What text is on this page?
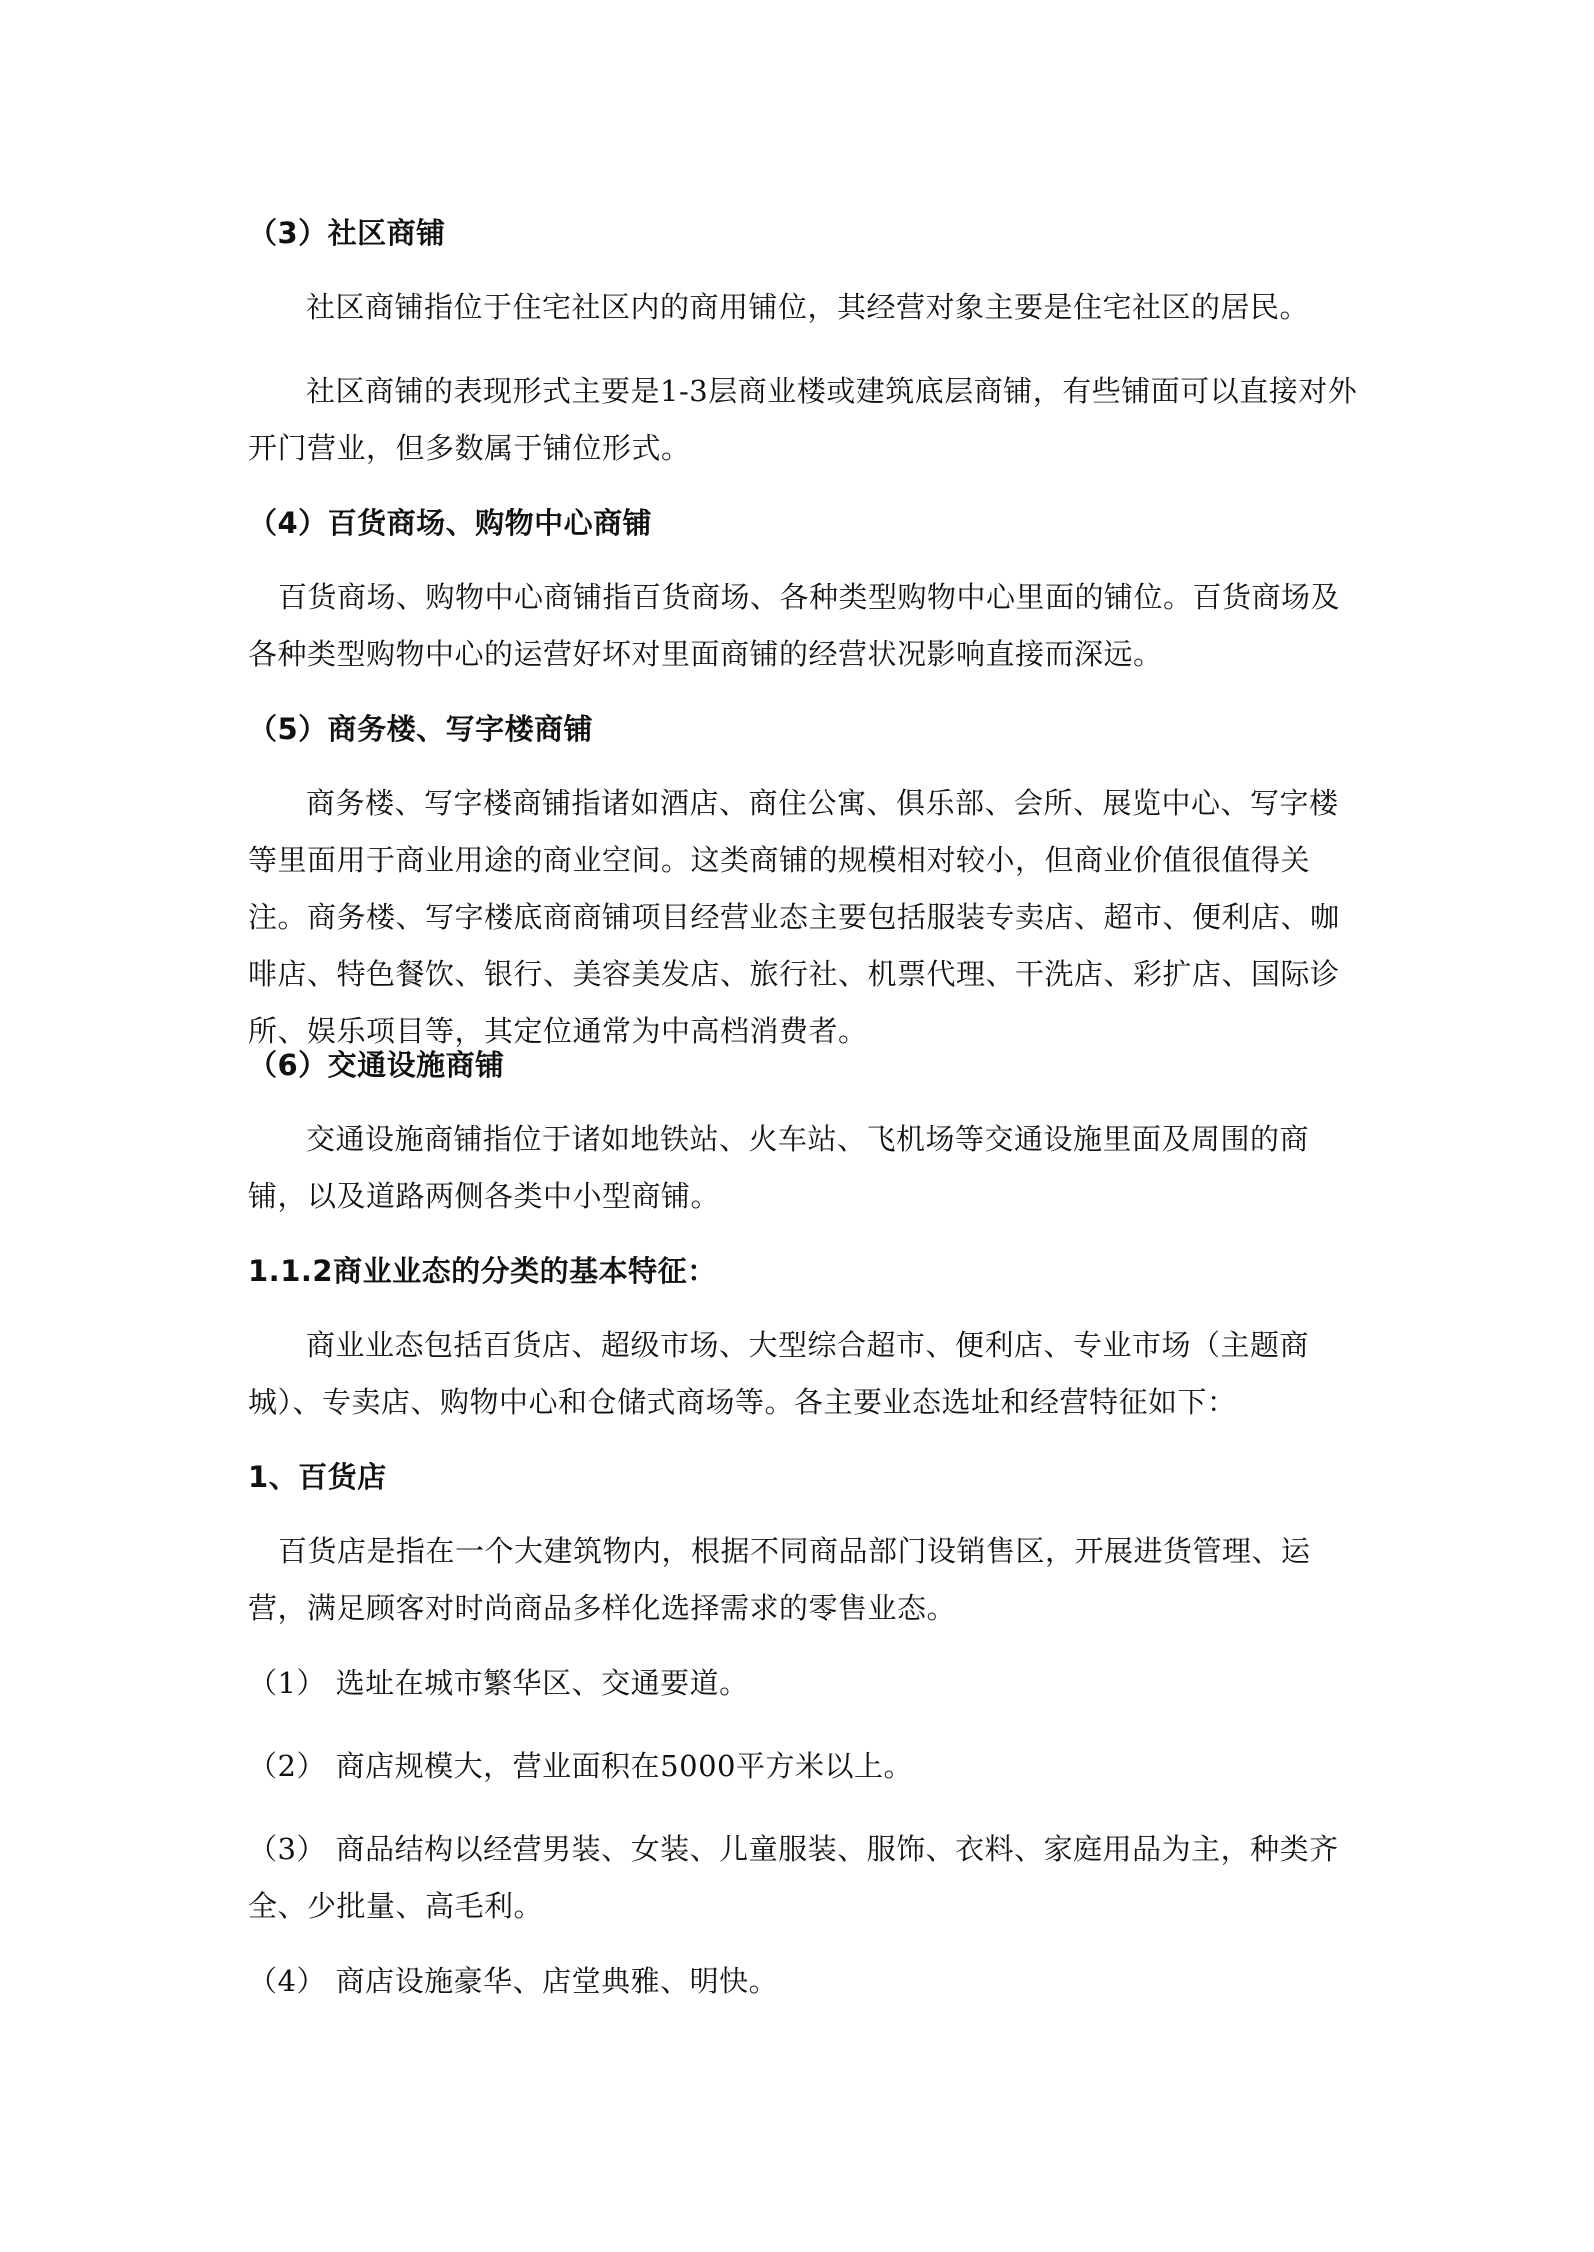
（3）社区商铺

社区商铺指位于住宅社区内的商用铺位，其经营对象主要是住宅社区的居民。

社区商铺的表现形式主要是1-3层商业楼或建筑底层商铺，有些铺面可以直接对外开门营业，但多数属于铺位形式。

（4）百货商场、购物中心商铺

百货商场、购物中心商铺指百货商场、各种类型购物中心里面的铺位。百货商场及各种类型购物中心的运营好坏对里面商铺的经营状况影响直接而深远。

（5）商务楼、写字楼商铺

商务楼、写字楼商铺指诸如酒店、商住公寓、俱乐部、会所、展览中心、写字楼等里面用于商业用途的商业空间。这类商铺的规模相对较小，但商业价值很值得关注。商务楼、写字楼底商商铺项目经营业态主要包括服装专卖店、超市、便利店、咖啡店、特色餐饮、银行、美容美发店、旅行社、机票代理、干洗店、彩扩店、国际诊所、娱乐项目等，其定位通常为中高档消费者。

（6）交通设施商铺

交通设施商铺指位于诸如地铁站、火车站、飞机场等交通设施里面及周围的商铺，以及道路两侧各类中小型商铺。

1.1.2商业业态的分类的基本特征：

商业业态包括百货店、超级市场、大型综合超市、便利店、专业市场（主题商城）、专卖店、购物中心和仓储式商场等。各主要业态选址和经营特征如下：

1、百货店

百货店是指在一个大建筑物内，根据不同商品部门设销售区，开展进货管理、运营，满足顾客对时尚商品多样化选择需求的零售业态。

（1） 选址在城市繁华区、交通要道。

（2） 商店规模大，营业面积在5000平方米以上。

（3） 商品结构以经营男装、女装、儿童服装、服饰、衣料、家庭用品为主，种类齐全、少批量、高毛利。

（4） 商店设施豪华、店堂典雅、明快。
